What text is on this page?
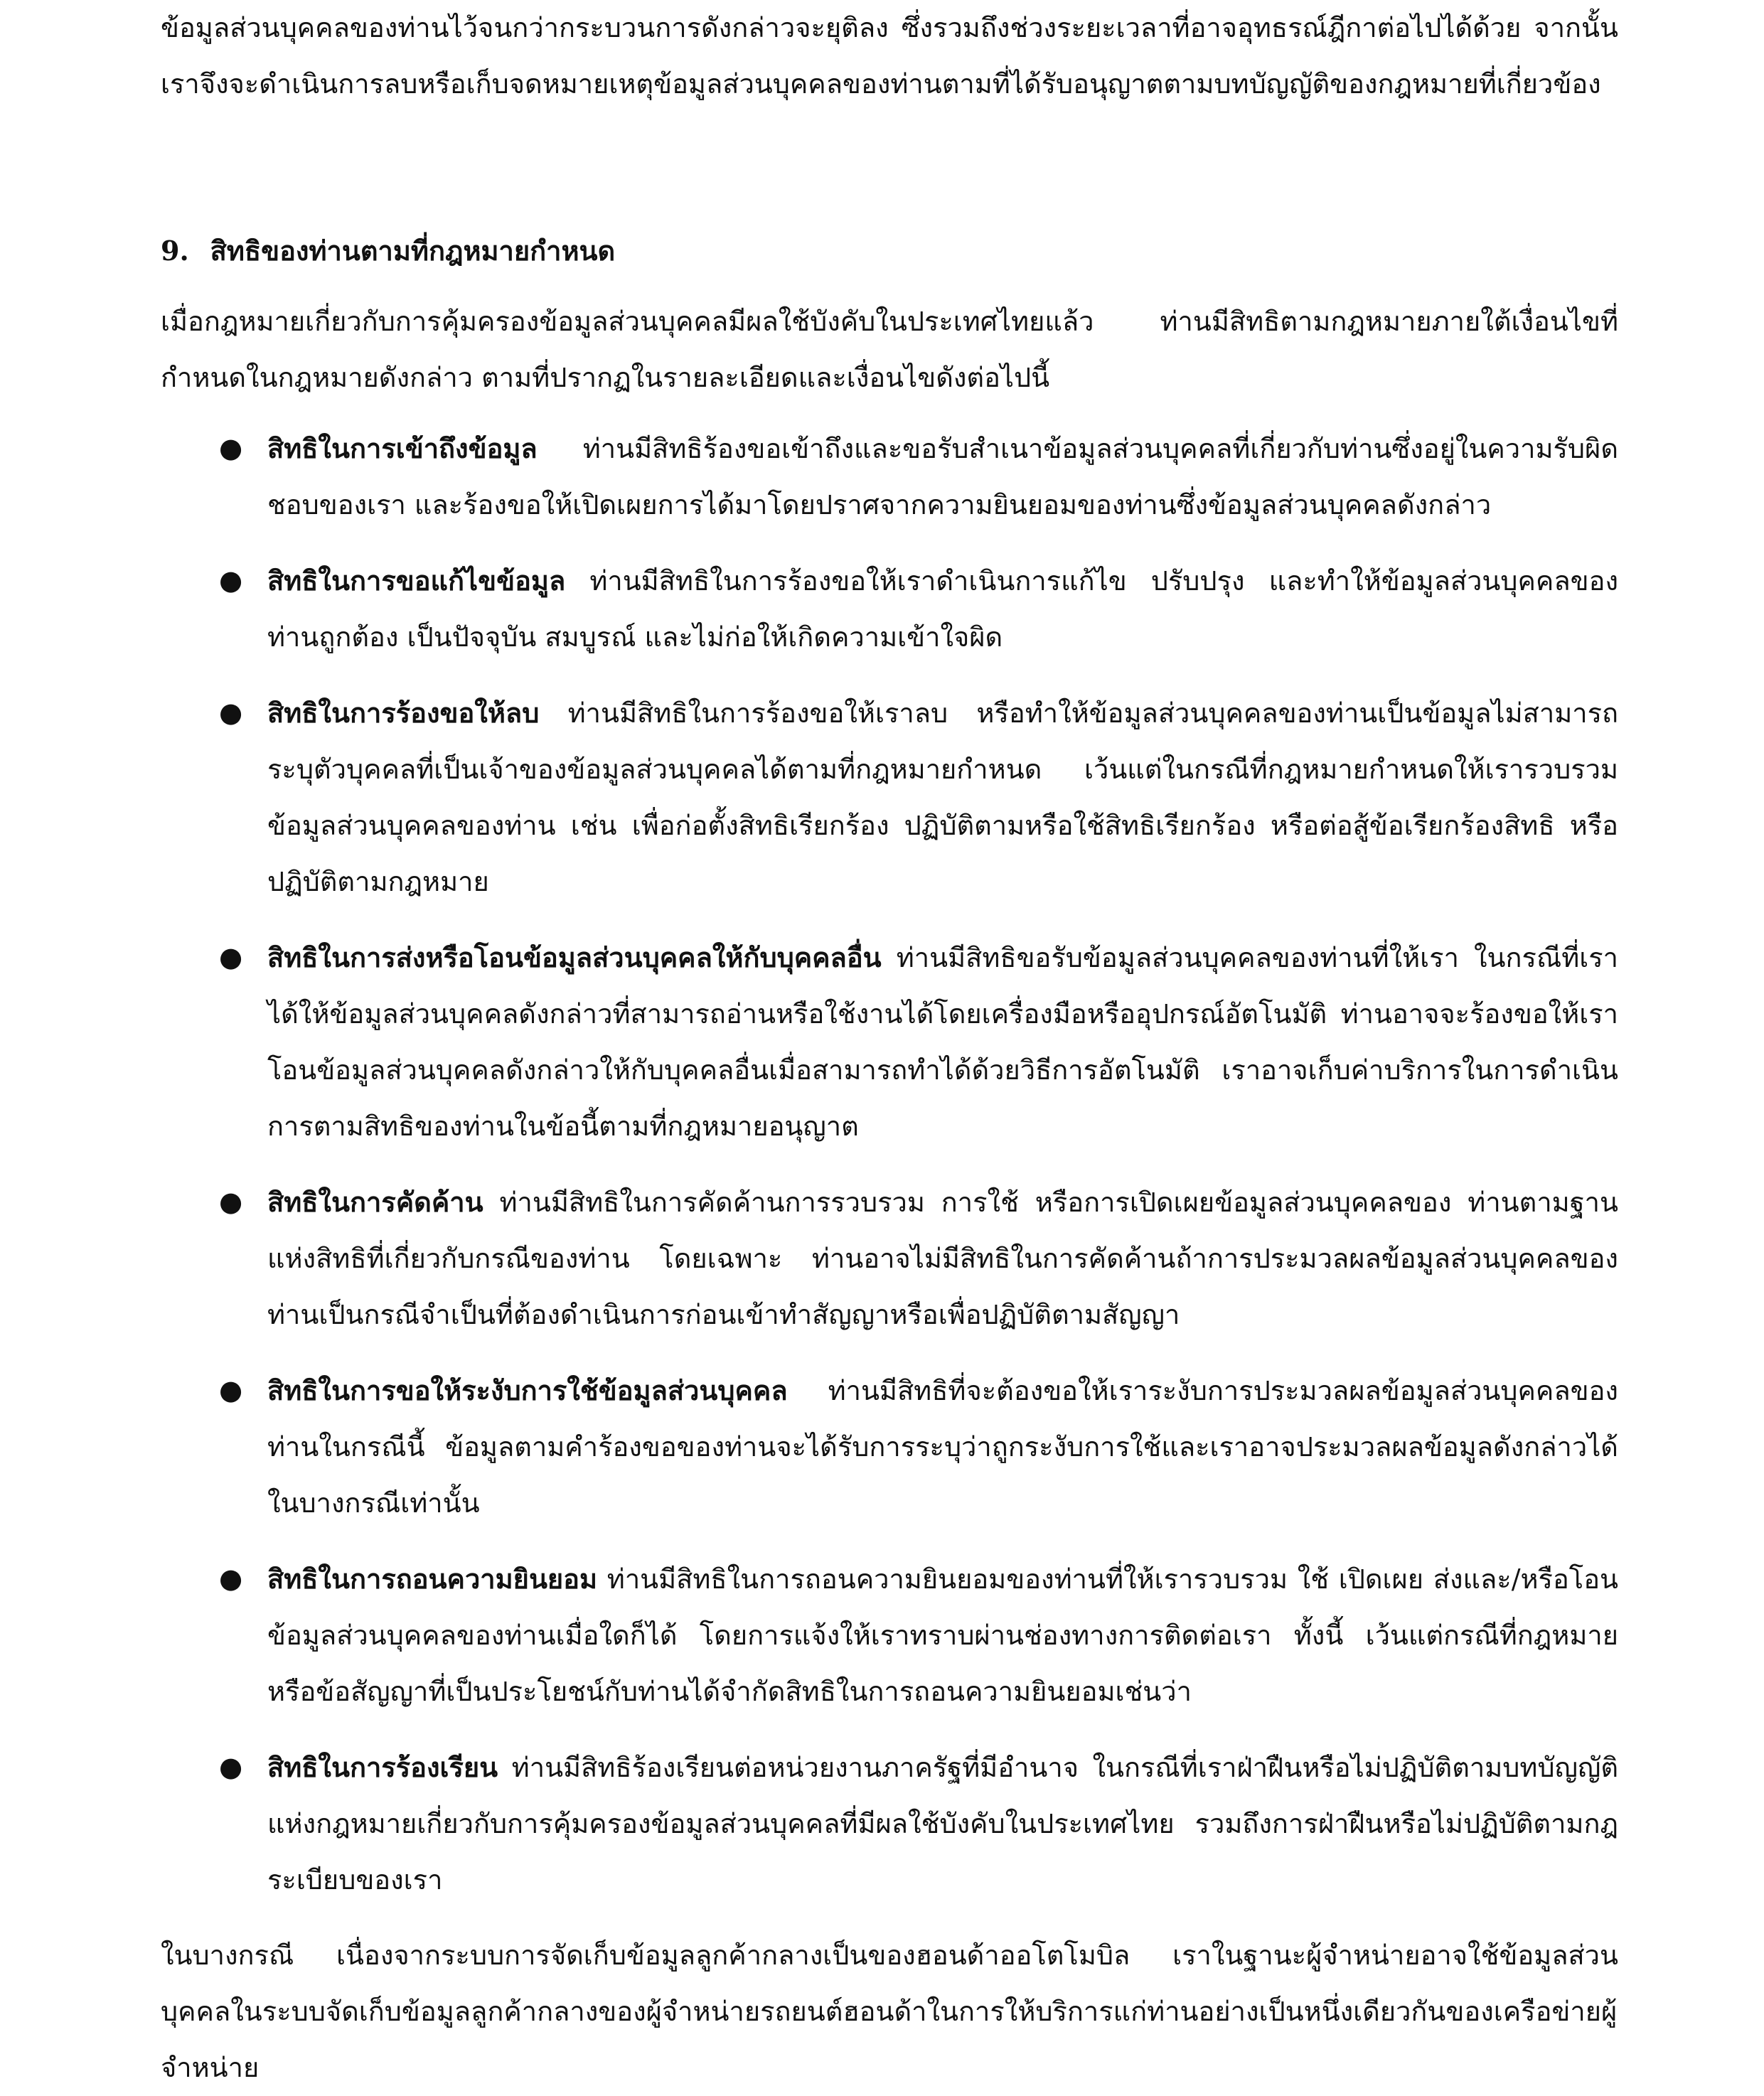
ข้อมูลส่วนบุคคลของท่านไว้จนกว่ากระบวนการดังกล่าวจะยุติลง ซึ่งรวมถึงช่วงระยะเวลาที่อาจอุทธรณ์ฎีกาต่อไปได้ด้วย จากนั้นเราจึงจะดำเนินการลบหรือเก็บจดหมายเหตุข้อมูลส่วนบุคคลของท่านตามที่ได้รับอนุญาตตามบทบัญญัติของกฎหมายที่เกี่ยวข้อง

9. สิทธิของท่านตามที่กฎหมายกำหนด

เมื่อกฎหมายเกี่ยวกับการคุ้มครองข้อมูลส่วนบุคคลมีผลใช้บังคับในประเทศไทยแล้ว ท่านมีสิทธิตามกฎหมายภายใต้เงื่อนไขที่กำหนดในกฎหมายดังกล่าว ตามที่ปรากฏในรายละเอียดและเงื่อนไขดังต่อไปนี้

● สิทธิในการเข้าถึงข้อมูล ท่านมีสิทธิร้องขอเข้าถึงและขอรับสำเนาข้อมูลส่วนบุคคลที่เกี่ยวกับท่านซึ่งอยู่ในความรับผิดชอบของเรา และร้องขอให้เปิดเผยการได้มาโดยปราศจากความยินยอมของท่านซึ่งข้อมูลส่วนบุคคลดังกล่าว
● สิทธิในการขอแก้ไขข้อมูล ท่านมีสิทธิในการร้องขอให้เราดำเนินการแก้ไข ปรับปรุง และทำให้ข้อมูลส่วนบุคคลของท่านถูกต้อง เป็นปัจจุบัน สมบูรณ์ และไม่ก่อให้เกิดความเข้าใจผิด
● สิทธิในการร้องขอให้ลบ ท่านมีสิทธิในการร้องขอให้เราลบ หรือทำให้ข้อมูลส่วนบุคคลของท่านเป็นข้อมูลไม่สามารถระบุตัวบุคคลที่เป็นเจ้าของข้อมูลส่วนบุคคลได้ตามที่กฎหมายกำหนด เว้นแต่ในกรณีที่กฎหมายกำหนดให้เรารวบรวมข้อมูลส่วนบุคคลของท่าน เช่น เพื่อก่อตั้งสิทธิเรียกร้อง ปฏิบัติตามหรือใช้สิทธิเรียกร้อง หรือต่อสู้ข้อเรียกร้องสิทธิ หรือปฏิบัติตามกฎหมาย
● สิทธิในการส่งหรือโอนข้อมูลส่วนบุคคลให้กับบุคคลอื่น ท่านมีสิทธิขอรับข้อมูลส่วนบุคคลของท่านที่ให้เรา ในกรณีที่เราได้ให้ข้อมูลส่วนบุคคลดังกล่าวที่สามารถอ่านหรือใช้งานได้โดยเครื่องมือหรืออุปกรณ์อัตโนมัติ ท่านอาจจะร้องขอให้เราโอนข้อมูลส่วนบุคคลดังกล่าวให้กับบุคคลอื่นเมื่อสามารถทำได้ด้วยวิธีการอัตโนมัติ เราอาจเก็บค่าบริการในการดำเนินการตามสิทธิของท่านในข้อนี้ตามที่กฎหมายอนุญาต
● สิทธิในการคัดค้าน ท่านมีสิทธิในการคัดค้านการรวบรวม การใช้ หรือการเปิดเผยข้อมูลส่วนบุคคลของ ท่านตามฐานแห่งสิทธิที่เกี่ยวกับกรณีของท่าน โดยเฉพาะ ท่านอาจไม่มีสิทธิในการคัดค้านถ้าการประมวลผลข้อมูลส่วนบุคคลของท่านเป็นกรณีจำเป็นที่ต้องดำเนินการก่อนเข้าทำสัญญาหรือเพื่อปฏิบัติตามสัญญา
● สิทธิในการขอให้ระงับการใช้ข้อมูลส่วนบุคคล ท่านมีสิทธิที่จะต้องขอให้เราระงับการประมวลผลข้อมูลส่วนบุคคลของท่านในกรณีนี้ ข้อมูลตามคำร้องขอของท่านจะได้รับการระบุว่าถูกระงับการใช้และเราอาจประมวลผลข้อมูลดังกล่าวได้ในบางกรณีเท่านั้น
● สิทธิในการถอนความยินยอม ท่านมีสิทธิในการถอนความยินยอมของท่านที่ให้เรารวบรวม ใช้ เปิดเผย ส่งและ/หรือโอนข้อมูลส่วนบุคคลของท่านเมื่อใดก็ได้ โดยการแจ้งให้เราทราบผ่านช่องทางการติดต่อเรา ทั้งนี้ เว้นแต่กรณีที่กฎหมายหรือข้อสัญญาที่เป็นประโยชน์กับท่านได้จำกัดสิทธิในการถอนความยินยอมเช่นว่า
● สิทธิในการร้องเรียน ท่านมีสิทธิร้องเรียนต่อหน่วยงานภาครัฐที่มีอำนาจ ในกรณีที่เราฝ่าฝืนหรือไม่ปฏิบัติตามบทบัญญัติแห่งกฎหมายเกี่ยวกับการคุ้มครองข้อมูลส่วนบุคคลที่มีผลใช้บังคับในประเทศไทย รวมถึงการฝ่าฝืนหรือไม่ปฏิบัติตามกฎระเบียบของเรา

ในบางกรณี เนื่องจากระบบการจัดเก็บข้อมูลลูกค้ากลางเป็นของฮอนด้าออโตโมบิล เราในฐานะผู้จำหน่ายอาจใช้ข้อมูลส่วนบุคคลในระบบจัดเก็บข้อมูลลูกค้ากลางของผู้จำหน่ายรถยนต์ฮอนด้าในการให้บริการแก่ท่านอย่างเป็นหนึ่งเดียวกันของเครือข่ายผู้จำหน่าย
